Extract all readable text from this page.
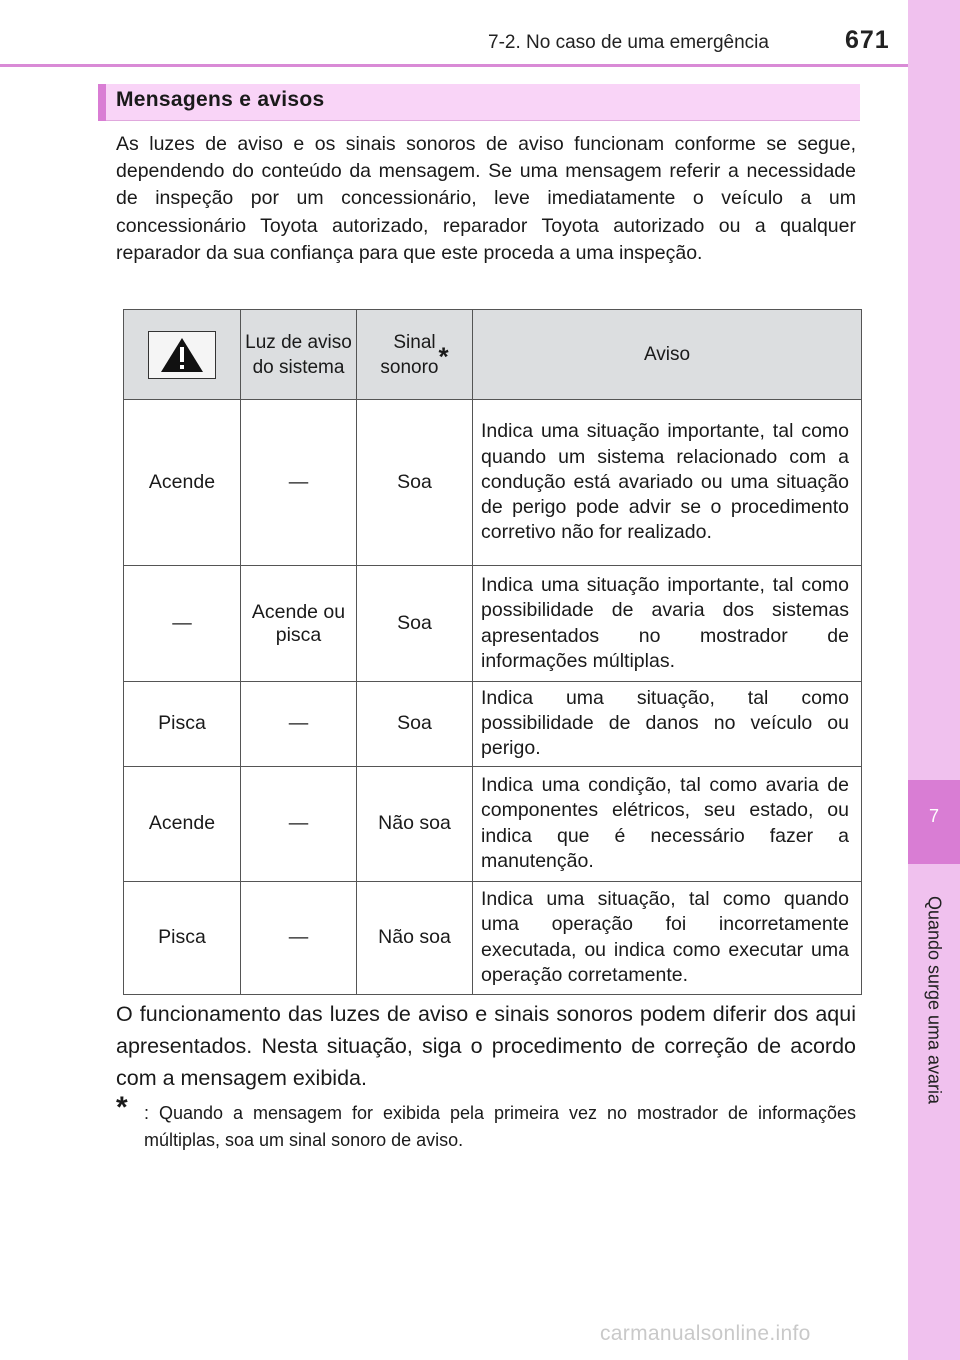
7-2. No caso de uma emergência	671
7
Quando surge uma avaria
Mensagens e avisos

As luzes de aviso e os sinais sonoros de aviso funcionam conforme se segue, dependendo do conteúdo da mensagem. Se uma mensagem referir a necessidade de inspeção por um concessionário, leve imediatamente o veículo a um concessionário Toyota autorizado, reparador Toyota autorizado ou a qualquer reparador da sua confiança para que este proceda a uma inspeção.

	Luz de aviso do sistema	Sinal sonoro*	Aviso
Acende	—	Soa	Indica uma situação importante, tal como quando um sistema relacionado com a condução está avariado ou uma situação de perigo pode advir se o procedimento corretivo não for realizado.
—	Acende ou pisca	Soa	Indica uma situação importante, tal como possibilidade de avaria dos sistemas apresentados no mostrador de informações múltiplas.
Pisca	—	Soa	Indica uma situação, tal como possibilidade de danos no veículo ou perigo.
Acende	—	Não soa	Indica uma condição, tal como avaria de componentes elétricos, seu estado, ou indica que é necessário fazer a manutenção.
Pisca	—	Não soa	Indica uma situação, tal como quando uma operação foi incorretamente executada, ou indica como executar uma operação corretamente.

O funcionamento das luzes de aviso e sinais sonoros podem diferir dos aqui apresentados. Nesta situação, siga o procedimento de correção de acordo com a mensagem exibida.

* : Quando a mensagem for exibida pela primeira vez no mostrador de informações múltiplas, soa um sinal sonoro de aviso.
carmanualsonline.info
